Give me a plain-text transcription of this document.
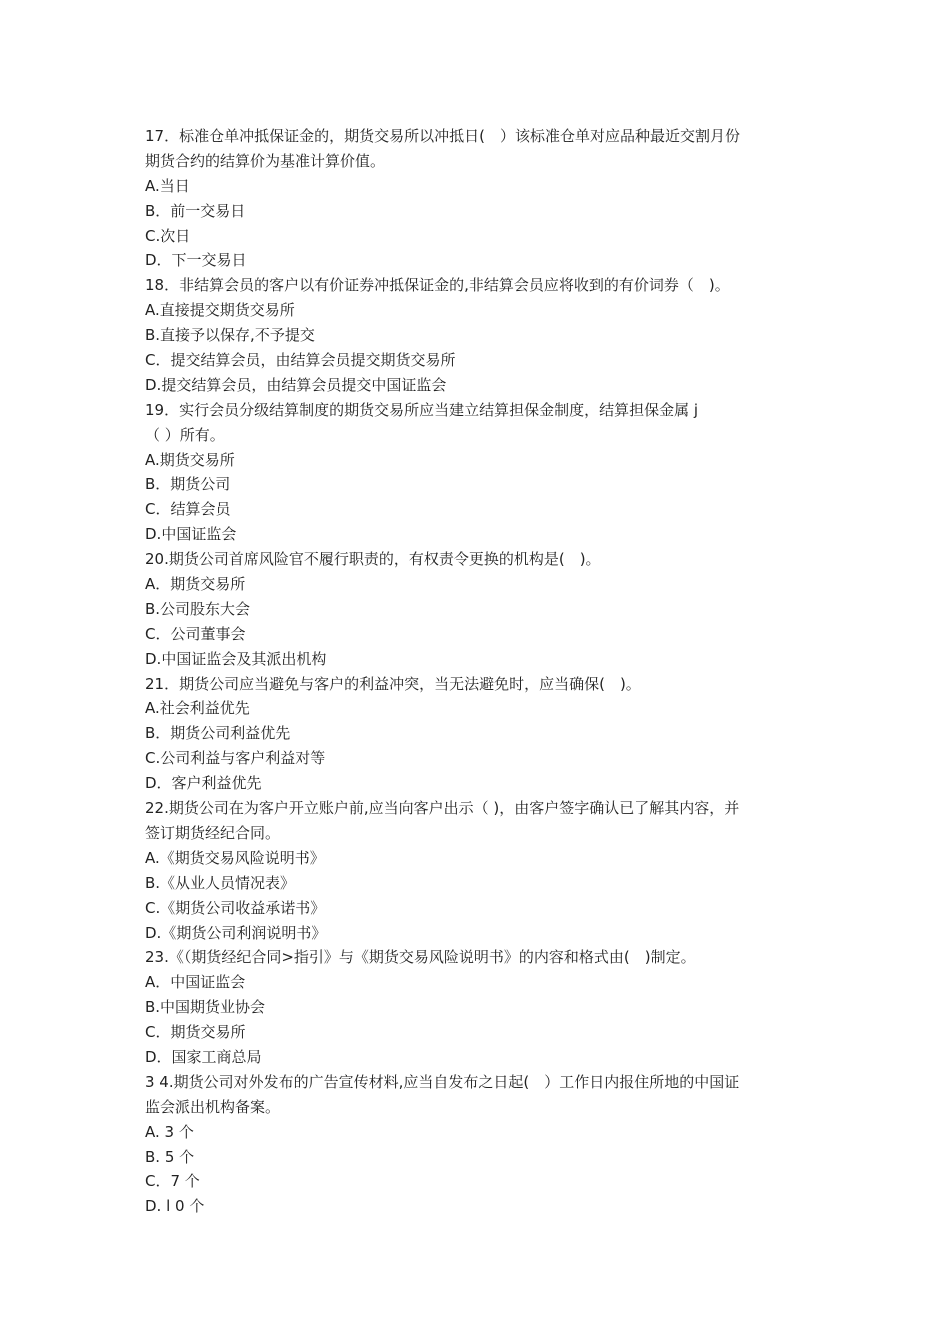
17．标准仓单冲抵保证金的，期货交易所以冲抵日(　）该标准仓单对应品种最近交割月份
期货合约的结算价为基准计算价值。
A.当日
B．前一交易日
C.次日
D．下一交易日
18．非结算会员的客户以有价证券冲抵保证金的,非结算会员应将收到的有价词券（　)。
A.直接提交期货交易所
B.直接予以保存,不予提交
C．提交结算会员，由结算会员提交期货交易所
D.提交结算会员，由结算会员提交中国证监会
19．实行会员分级结算制度的期货交易所应当建立结算担保金制度，结算担保金属 j
（ ）所有。
A.期货交易所
B．期货公司
C．结算会员
D.中国证监会
20.期货公司首席风险官不履行职责的，有权责令更换的机构是(　)。
A．期货交易所
B.公司股东大会
C．公司董事会
D.中国证监会及其派出机构
21．期货公司应当避免与客户的利益冲突，当无法避免时，应当确保(　)。
A.社会利益优先
B．期货公司利益优先
C.公司利益与客户利益对等
D．客户利益优先
22.期货公司在为客户开立账户前,应当向客户出示（ )，由客户签字确认已了解其内容，并
签订期货经纪合同。
A.《期货交易风险说明书》
B.《从业人员情况表》
C.《期货公司收益承诺书》
D.《期货公司利润说明书》
23.《（期货经纪合同>指引》与《期货交易风险说明书》的内容和格式由(　)制定。
A．中国证监会
B.中国期货业协会
C．期货交易所
D．国家工商总局
3 4.期货公司对外发布的广告宣传材料,应当自发布之日起(　）工作日内报住所地的中国证
监会派出机构备案。
A. 3 个
B. 5 个
C．7 个
D. l 0 个
